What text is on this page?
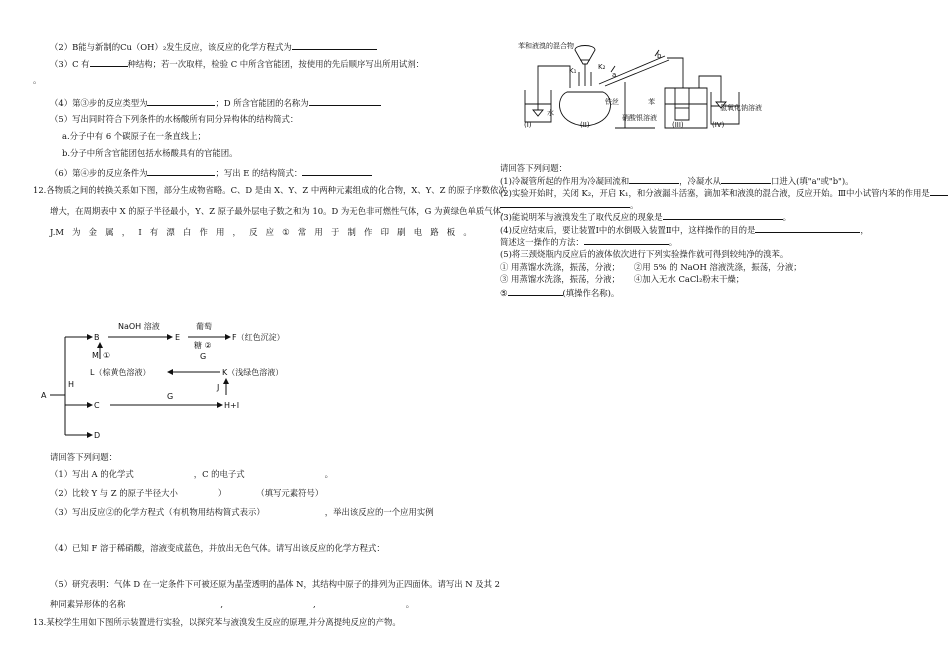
（2）B能与新制的Cu（OH）₂发生反应，该反应的化学方程式为
（3）C 有	种结构；若一次取样，检验 C 中所含官能团，按使用的先后顺序写出所用试剂：
。
（4）第③步的反应类型为	；D 所含官能团的名称为
（5）写出同时符合下列条件的水杨酸所有同分异构体的结构简式：
a.分子中有 6 个碳原子在一条直线上；
b.分子中所含官能团包括水杨酸具有的官能团。
（6）第④步的反应条件为	；写出 E 的结构简式：
12.各物质之间的转换关系如下图，部分生成物省略。C、D 是由 X、Y、Z 中两种元素组成的化合物，X、Y、Z 的原子序数依次
增大，在周期表中 X 的原子半径最小，Y、Z 原子最外层电子数之和为 10。D 为无色非可燃性气体，G 为黄绿色单质气体，
J.M 为 金 属 ， I 有 漂 白 作 用 ， 反 应 ① 常 用 于 制 作 印 刷 电 路 板 。
A
B
C
D
E	F（红色沉淀）
H+I
L（棕黄色溶液）	K（浅绿色溶液）
NaOH 溶液	葡萄
糖 ②
H
G
G
M ①
J
请回答下列问题：
（1）写出 A 的化学式	，C 的电子式	。
（2）比较 Y 与 Z 的原子半径大小	）	（填写元素符号）
（3）写出反应②的化学方程式（有机物用结构简式表示）	，举出该反应的一个应用实例
（4）已知 F 溶于稀硝酸，溶液变成蓝色，并放出无色气体。请写出该反应的化学方程式：
（5）研究表明：气体 D 在一定条件下可被还原为晶莹透明的晶体 N，其结构中原子的排列为正四面体。请写出 N 及其 2
种同素异形体的名称	,	,	。
13.某校学生用如下图所示装置进行实验，以探究苯与液溴发生反应的原理,并分离提纯反应的产物。
苯和液溴的混合物
K₁	K₂
a
b
水
铁丝
硝酸银溶液
苯
氢氧化钠溶液
(I)	(II)	(III)	(IV)
请回答下列问题：
(1)冷凝管所起的作用为冷凝回流和	，冷凝水从	口进入(填"a"或"b")。
(2)实验开始时，关闭 K₂，开启 K₁，和分液漏斗活塞，滴加苯和液溴的混合液，反应开始。Ⅲ中小试管内苯的作用是
。
(3)能说明苯与液溴发生了取代反应的现象是	。
(4)反应结束后，要让装置Ⅰ中的水倒吸入装置Ⅱ中，这样操作的目的是	，
简述这一操作的方法：	。
(5)将三颈烧瓶内反应后的液体依次进行下列实验操作就可得到较纯净的溴苯。
① 用蒸馏水洗涤，振荡，分液； ②用 5% 的 NaOH 溶液洗涤，振荡，分液；
③ 用蒸馏水洗涤，振荡，分液； ④加入无水 CaCl₂粉末干燥；
⑤	(填操作名称)。
